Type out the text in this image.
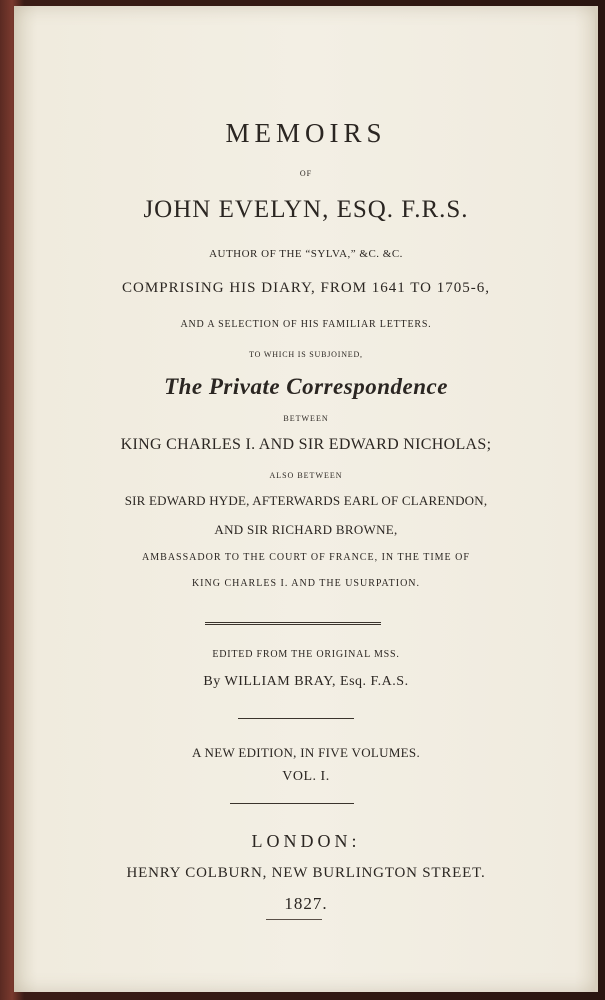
MEMOIRS
OF
JOHN EVELYN, ESQ. F.R.S.
AUTHOR OF THE “SYLVA,” &C. &C.
COMPRISING HIS DIARY, FROM 1641 TO 1705-6,
AND A SELECTION OF HIS FAMILIAR LETTERS.
TO WHICH IS SUBJOINED,
The Private Correspondence
BETWEEN
KING CHARLES I. AND SIR EDWARD NICHOLAS;
ALSO BETWEEN
SIR EDWARD HYDE, AFTERWARDS EARL OF CLARENDON,
AND SIR RICHARD BROWNE,
AMBASSADOR TO THE COURT OF FRANCE, IN THE TIME OF
KING CHARLES I. AND THE USURPATION.
EDITED FROM THE ORIGINAL MSS.
By WILLIAM BRAY, Esq. F.A.S.
A NEW EDITION, IN FIVE VOLUMES.
VOL. I.
LONDON:
HENRY COLBURN, NEW BURLINGTON STREET.
1827.
